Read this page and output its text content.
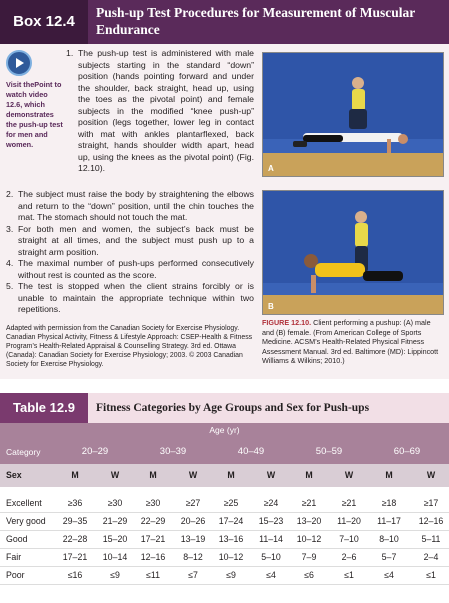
Box 12.4
Push-up Test Procedures for Measurement of Muscular Endurance
Visit thePoint to watch video 12.6, which demonstrates the push-up test for men and women.
1. The push-up test is administered with male subjects starting in the standard “down” position (hands pointing forward and under the shoulder, back straight, head up, using the toes as the pivotal point) and female subjects in the modified “knee push-up” position (legs together, lower leg in contact with mat with ankles plantarflexed, back straight, hands shoulder width apart, head up, using the knees as the pivotal point) (Fig. 12.10).
2. The subject must raise the body by straightening the elbows and return to the “down” position, until the chin touches the mat. The stomach should not touch the mat.
3. For both men and women, the subject’s back must be straight at all times, and the subject must push up to a straight arm position.
4. The maximal number of push-ups performed consecutively without rest is counted as the score.
5. The test is stopped when the client strains forcibly or is unable to maintain the appropriate technique within two repetitions.
Adapted with permission from the Canadian Society for Exercise Physiology. Canadian Physical Activity, Fitness & Lifestyle Approach: CSEP-Health & Fitness Program’s Health-Related Appraisal & Counselling Strategy. 3rd ed. Ottawa (Canada): Canadian Society for Exercise Physiology; 2003. © 2003 Canadian Society for Exercise Physiology.
A
B
FIGURE 12.10. Client performing a pushup: (A) male and (B) female. (From American College of Sports Medicine. ACSM’s Health-Related Physical Fitness Assessment Manual. 3rd ed. Baltimore (MD): Lippincott Williams & Wilkins; 2010.)
Table 12.9	Fitness Categories by Age Groups and Sex for Push-ups
Age (yr)
Category	20–29	30–39	40–49	50–59	60–69
Sex	M	W	M	W	M	W	M	W	M	W
Excellent	≥36	≥30	≥30	≥27	≥25	≥24	≥21	≥21	≥18	≥17
Very good	29–35	21–29	22–29	20–26	17–24	15–23	13–20	11–20	11–17	12–16
Good	22–28	15–20	17–21	13–19	13–16	11–14	10–12	7–10	8–10	5–11
Fair	17–21	10–14	12–16	8–12	10–12	5–10	7–9	2–6	5–7	2–4
Poor	≤16	≤9	≤11	≤7	≤9	≤4	≤6	≤1	≤4	≤1
